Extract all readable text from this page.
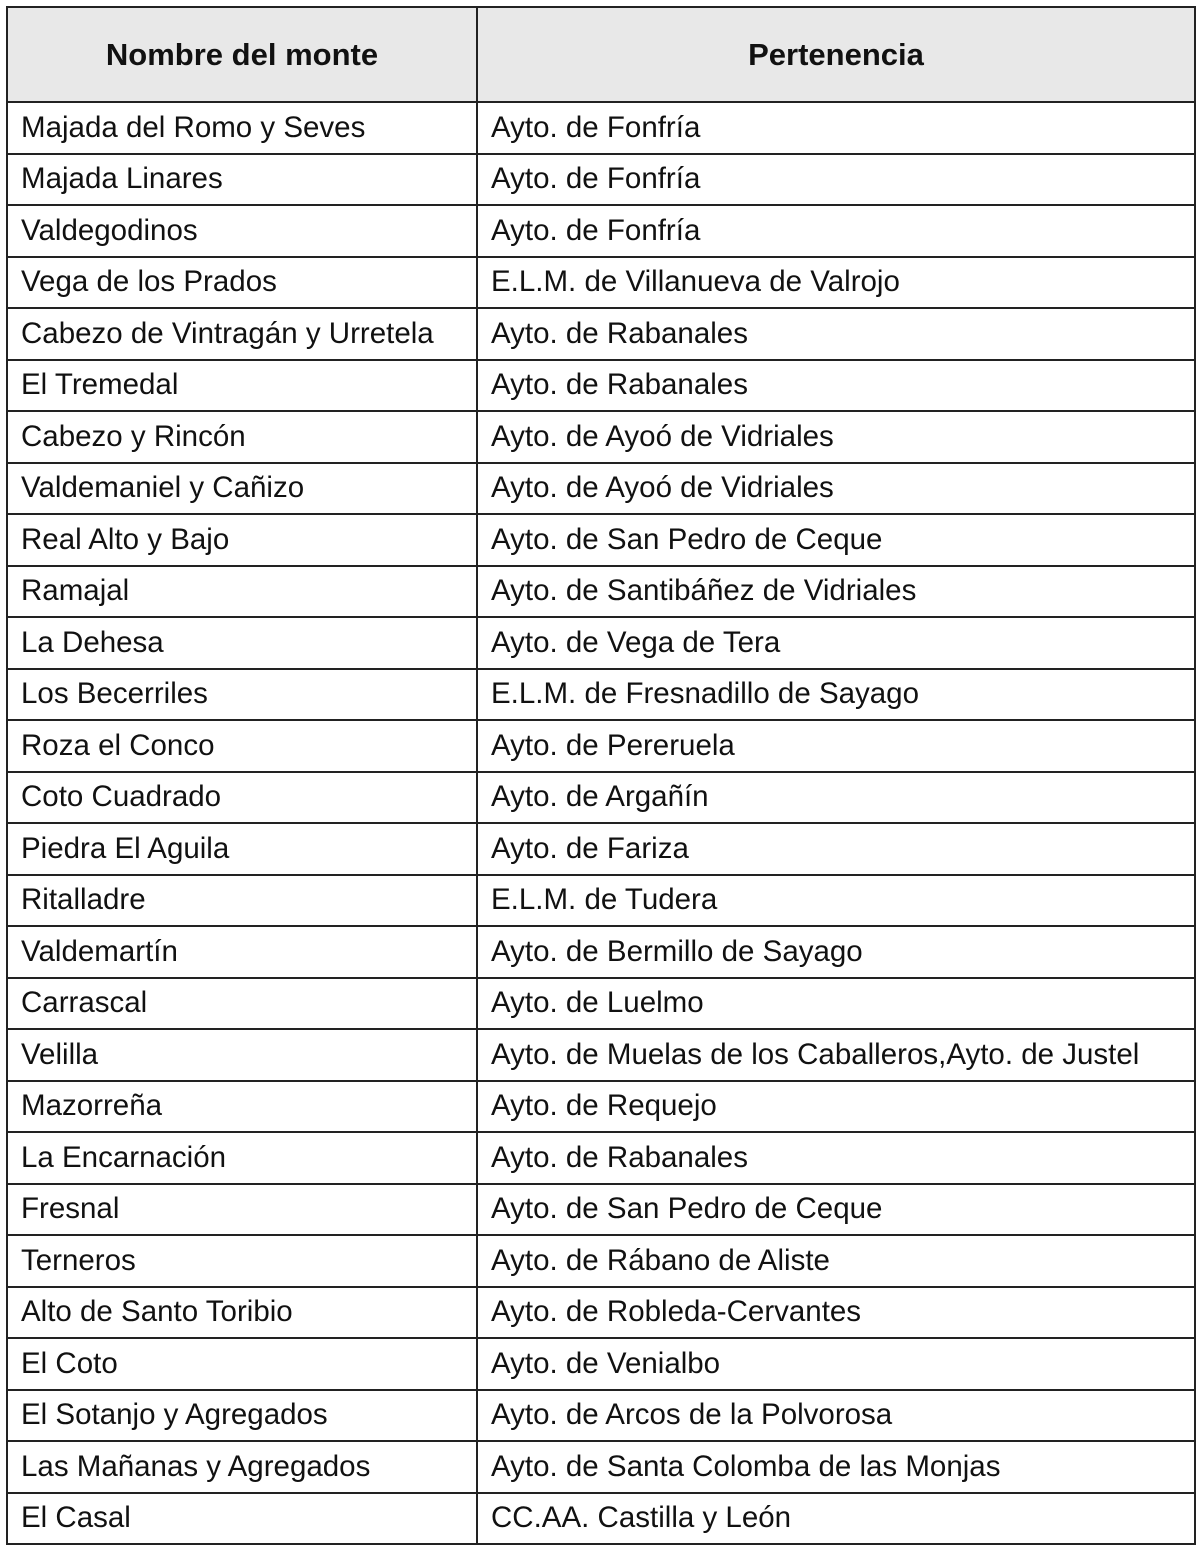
Nombre del monte	Pertenencia
Majada del Romo y Seves	Ayto. de Fonfría
Majada Linares	Ayto. de Fonfría
Valdegodinos	Ayto. de Fonfría
Vega de los Prados	E.L.M. de Villanueva de Valrojo
Cabezo de Vintragán y Urretela	Ayto. de Rabanales
El Tremedal	Ayto. de Rabanales
Cabezo y Rincón	Ayto. de Ayoó de Vidriales
Valdemaniel y Cañizo	Ayto. de Ayoó de Vidriales
Real Alto y Bajo	Ayto. de San Pedro de Ceque
Ramajal	Ayto. de Santibáñez de Vidriales
La Dehesa	Ayto. de Vega de Tera
Los Becerriles	E.L.M. de Fresnadillo de Sayago
Roza el Conco	Ayto. de Pereruela
Coto Cuadrado	Ayto. de Argañín
Piedra El Aguila	Ayto. de Fariza
Ritalladre	E.L.M. de Tudera
Valdemartín	Ayto. de Bermillo de Sayago
Carrascal	Ayto. de Luelmo
Velilla	Ayto. de Muelas de los Caballeros,Ayto. de Justel
Mazorreña	Ayto. de Requejo
La Encarnación	Ayto. de Rabanales
Fresnal	Ayto. de San Pedro de Ceque
Terneros	Ayto. de Rábano de Aliste
Alto de Santo Toribio	Ayto. de Robleda-Cervantes
El Coto	Ayto. de Venialbo
El Sotanjo y Agregados	Ayto. de Arcos de la Polvorosa
Las Mañanas y Agregados	Ayto. de Santa Colomba de las Monjas
El Casal	CC.AA. Castilla y León
